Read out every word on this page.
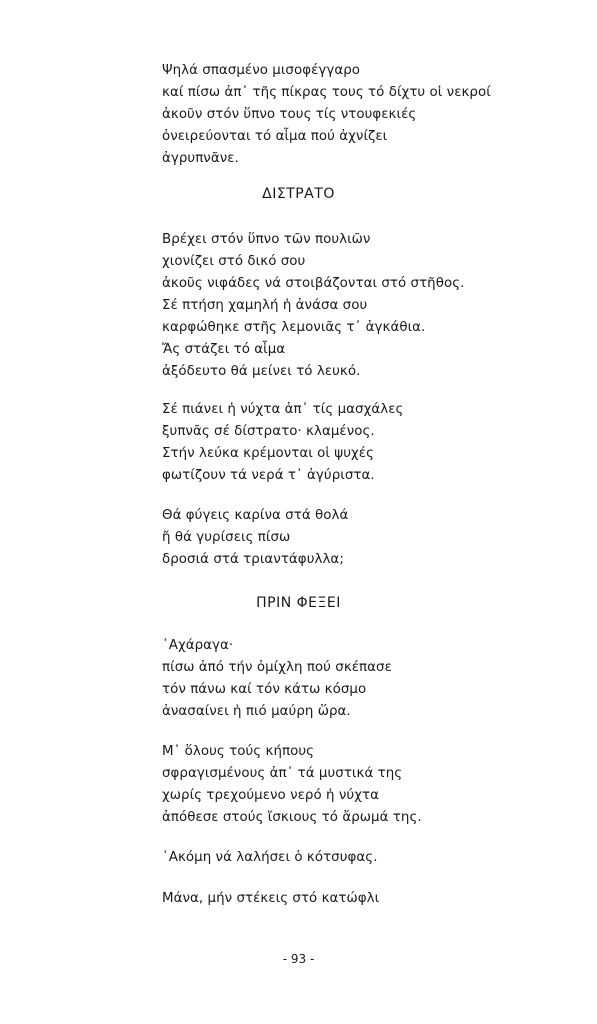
Ψηλά σπασμένο μισοφέγγαρο
καί πίσω ἀπ᾽ τῆς πίκρας τους τό δίχτυ οἱ νεκροί
ἀκοῦν στόν ὕπνο τους τίς ντουφεκιές
ὀνειρεύονται τό αἷμα πού ἀχνίζει
ἀγρυπνᾶνε.
ΔΙΣΤΡΑΤΟ
Βρέχει στόν ὕπνο τῶν πουλιῶν
χιονίζει στό δικό σου
ἀκοῦς νιφάδες νά στοιβάζονται στό στῆθος.
Σέ πτήση χαμηλή ἡ ἀνάσα σου
καρφώθηκε στῆς λεμονιᾶς τ᾽ ἀγκάθια.
Ἄς στάζει τό αἷμα
ἀξόδευτο θά μείνει τό λευκό.
Σέ πιάνει ἡ νύχτα ἀπ᾽ τίς μασχάλες
ξυπνᾶς σέ δίστρατο· κλαμένος.
Στήν λεύκα κρέμονται οἱ ψυχές
φωτίζουν τά νερά τ᾽ ἀγύριστα.
Θά φύγεις καρίνα στά θολά
ἤ θά γυρίσεις πίσω
δροσιά στά τριαντάφυλλα;
ΠΡΙΝ ΦΕΞΕΙ
᾽Αχάραγα·
πίσω ἀπό τήν ὀμίχλη πού σκέπασε
τόν πάνω καί τόν κάτω κόσμο
ἀνασαίνει ἡ πιό μαύρη ὥρα.
Μ᾽ ὅλους τούς κήπους
σφραγισμένους ἀπ᾽ τά μυστικά της
χωρίς τρεχούμενο νερό ἡ νύχτα
ἀπόθεσε στούς ἴσκιους τό ἄρωμά της.
᾽Ακόμη νά λαλήσει ὁ κότσυφας.
Μάνα, μήν στέκεις στό κατώφλι
- 93 -
